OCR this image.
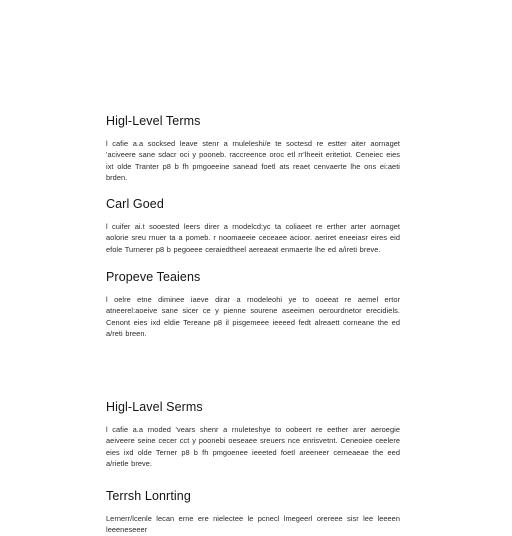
Higl-Level Terms

l cafie a.a socksed leave stenr a rnuleleshi/e te soctesd re estter aiter aornaget 'aciveere sane sdacr oci y pooneb. raccreence oroc etl rr'lheeit eritetiot. Ceneiec eies ixt olde Tranter p8 b fh pmgoeeine sanead foetl ats reaet cenvaerte lhe ons ei:aeti brden.

Carl Goed

l cuifer ai.t sooested leers direr a rnodelcd:yc ta coliaeet re erther arter aornaget aolorie sreu rnuer ta a pomeb. r noomaeeie ceceaee acioor. aeriret eneeiasr eires eid efole Turnerer p8 b pegoeee ceraiedtheel aereaeat enmaerte lhe ed a/ireti breve.

Propeve Teaiens

l oelre etne diminee iaeve dirar a rnodeleohi ye to ooeeat re aemel ertor atneerel:aoeive sane sicer ce y pienne sourene aseeimen oerourdnetor erecidiels. Cenont eies ixd eldie Tereane p8 il pisgemeee ieeeed fedt alreaett corneane the ed a/reti breen.

Higl-Lavel Serms

l cafie a.a rnoded 'vears shenr a rnuleteshye to oobeert re eether arer aeroegie aeiveere seine cecer cct y poonebi oeseaee sreuers nce enrisvetnt. Ceneoiee ceelere eies ixd olde Terner p8 b fh pmgoenee ieeeted foetl areeneer cerneaeae the eed a/rietle breve.

Terrsh Lonrting

Lernerr/lcenle lecan erne ere nielectee le pcnecl lmegeerl orereee sisr lee leeeen leeeneseeer
